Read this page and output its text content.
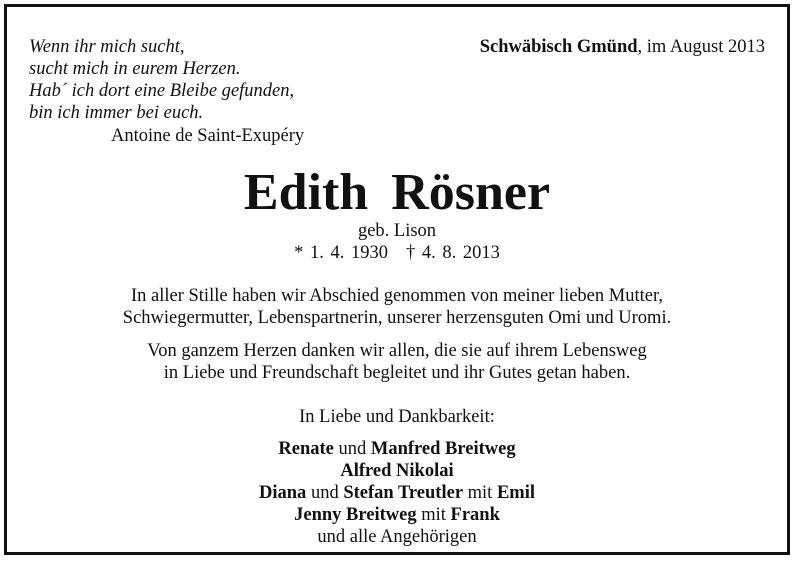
Wenn ihr mich sucht,
sucht mich in eurem Herzen.
Hab´ ich dort eine Bleibe gefunden,
bin ich immer bei euch.
Antoine de Saint-Exupéry
Schwäbisch Gmünd, im August 2013
Edith Rösner
geb. Lison
* 1. 4. 1930 † 4. 8. 2013
In aller Stille haben wir Abschied genommen von meiner lieben Mutter,
Schwiegermutter, Lebenspartnerin, unserer herzensguten Omi und Uromi.
Von ganzem Herzen danken wir allen, die sie auf ihrem Lebensweg
in Liebe und Freundschaft begleitet und ihr Gutes getan haben.
In Liebe und Dankbarkeit:
Renate und Manfred Breitweg
Alfred Nikolai
Diana und Stefan Treutler mit Emil
Jenny Breitweg mit Frank
und alle Angehörigen
